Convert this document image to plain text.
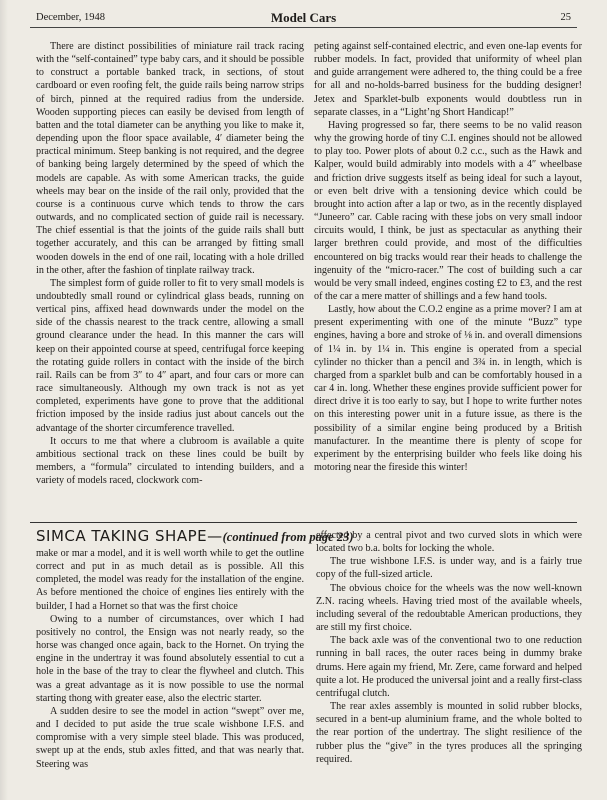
December, 1948	Model Cars	25

There are distinct possibilities of miniature rail track racing with the “self-contained” type baby cars, and it should be possible to construct a portable banked track, in sections, of stout cardboard or even roofing felt, the guide rails being narrow strips of birch, pinned at the required radius from the underside. Wooden supporting pieces can easily be devised from length of batten and the total diameter can be anything you like to make it, depending upon the floor space available, 4′ diameter being the practical minimum. Steep banking is not required, and the degree of banking being largely determined by the speed of which the models are capable. As with some American tracks, the guide wheels may bear on the inside of the rail only, provided that the course is a continuous curve which tends to throw the cars outwards, and no complicated section of guide rail is necessary. The chief essential is that the joints of the guide rails shall butt together accurately, and this can be arranged by fitting small wooden dowels in the end of one rail, locating with a hole drilled in the other, after the fashion of tinplate railway track.

The simplest form of guide roller to fit to very small models is undoubtedly small round or cylindrical glass beads, running on vertical pins, affixed head downwards under the model on the side of the chassis nearest to the track centre, allowing a small ground clearance under the head. In this manner the cars will keep on their appointed course at speed, centrifugal force keeping the rotating guide rollers in contact with the inside of the birch rail. Rails can be from 3″ to 4″ apart, and four cars or more can race simultaneously. Although my own track is not as yet completed, experiments have gone to prove that the additional friction imposed by the inside radius just about cancels out the advantage of the shorter circumference travelled.

It occurs to me that where a clubroom is available a quite ambitious sectional track on these lines could be built by members, a “formula” circulated to intending builders, and a variety of models raced, clockwork com-

peting against self-contained electric, and even one-lap events for rubber models. In fact, provided that uniformity of wheel plan and guide arrangement were adhered to, the thing could be a free for all and no-holds-barred business for the budding designer! Jetex and Sparklet-bulb exponents would doubtless run in separate classes, in a “Light’ng Short Handicap!”

Having progressed so far, there seems to be no valid reason why the growing horde of tiny C.I. engines should not be allowed to play too. Power plots of about 0.2 c.c., such as the Hawk and Kalper, would build admirably into models with a 4″ wheelbase and friction drive suggests itself as being ideal for such a layout, or even belt drive with a tensioning device which could be brought into action after a lap or two, as in the recently displayed “Juneero” car. Cable racing with these jobs on very small indoor circuits would, I think, be just as spectacular as anything their larger brethren could provide, and most of the difficulties encountered on big tracks would rear their heads to challenge the ingenuity of the “micro-racer.” The cost of building such a car would be very small indeed, engines costing £2 to £3, and the rest of the car a mere matter of shillings and a few hand tools.

Lastly, how about the C.O.2 engine as a prime mover? I am at present experimenting with one of the minute “Buzz” type engines, having a bore and stroke of ⅛ in. and overall dimensions of 1¼ in. by 1¼ in. This engine is operated from a special cylinder no thicker than a pencil and 3¾ in. in length, which is charged from a sparklet bulb and can be comfortably housed in a car 4 in. long. Whether these engines provide sufficient power for direct drive it is too early to say, but I hope to write further notes on this interesting power unit in a future issue, as there is the possibility of a similar engine being produced by a British manufacturer. In the meantime there is plenty of scope for experiment by the enterprising builder who feels like doing his motoring near the fireside this winter!

SIMCA TAKING SHAPE—(continued from page 23)

make or mar a model, and it is well worth while to get the outline correct and put in as much detail as is possible. All this completed, the model was ready for the installation of the engine. As before mentioned the choice of engines lies entirely with the builder, I had a Hornet so that was the first choice

Owing to a number of circumstances, over which I had positively no control, the Ensign was not nearly ready, so the horse was changed once again, back to the Hornet. On trying the engine in the undertray it was found absolutely essential to cut a hole in the base of the tray to clear the flywheel and clutch. This was a great advantage as it is now possible to use the normal starting thong with greater ease, also the electric starter.

A sudden desire to see the model in action “swept” over me, and I decided to put aside the true scale wishbone I.F.S. and compromise with a very simple steel blade. This was produced, swept up at the ends, stub axles fitted, and that was nearly that. Steering was

effected by a central pivot and two curved slots in which were located two b.a. bolts for locking the whole.

The true wishbone I.F.S. is under way, and is a fairly true copy of the full-sized article.

The obvious choice for the wheels was the now well-known Z.N. racing wheels. Having tried most of the available wheels, including several of the redoubtable American productions, they are still my first choice.

The back axle was of the conventional two to one reduction running in ball races, the outer races being in dummy brake drums. Here again my friend, Mr. Zere, came forward and helped quite a lot. He produced the universal joint and a really first-class centrifugal clutch.

The rear axles assembly is mounted in solid rubber blocks, secured in a bent-up aluminium frame, and the whole bolted to the rear portion of the undertray. The slight resilience of the rubber plus the “give” in the tyres produces all the springing required.
